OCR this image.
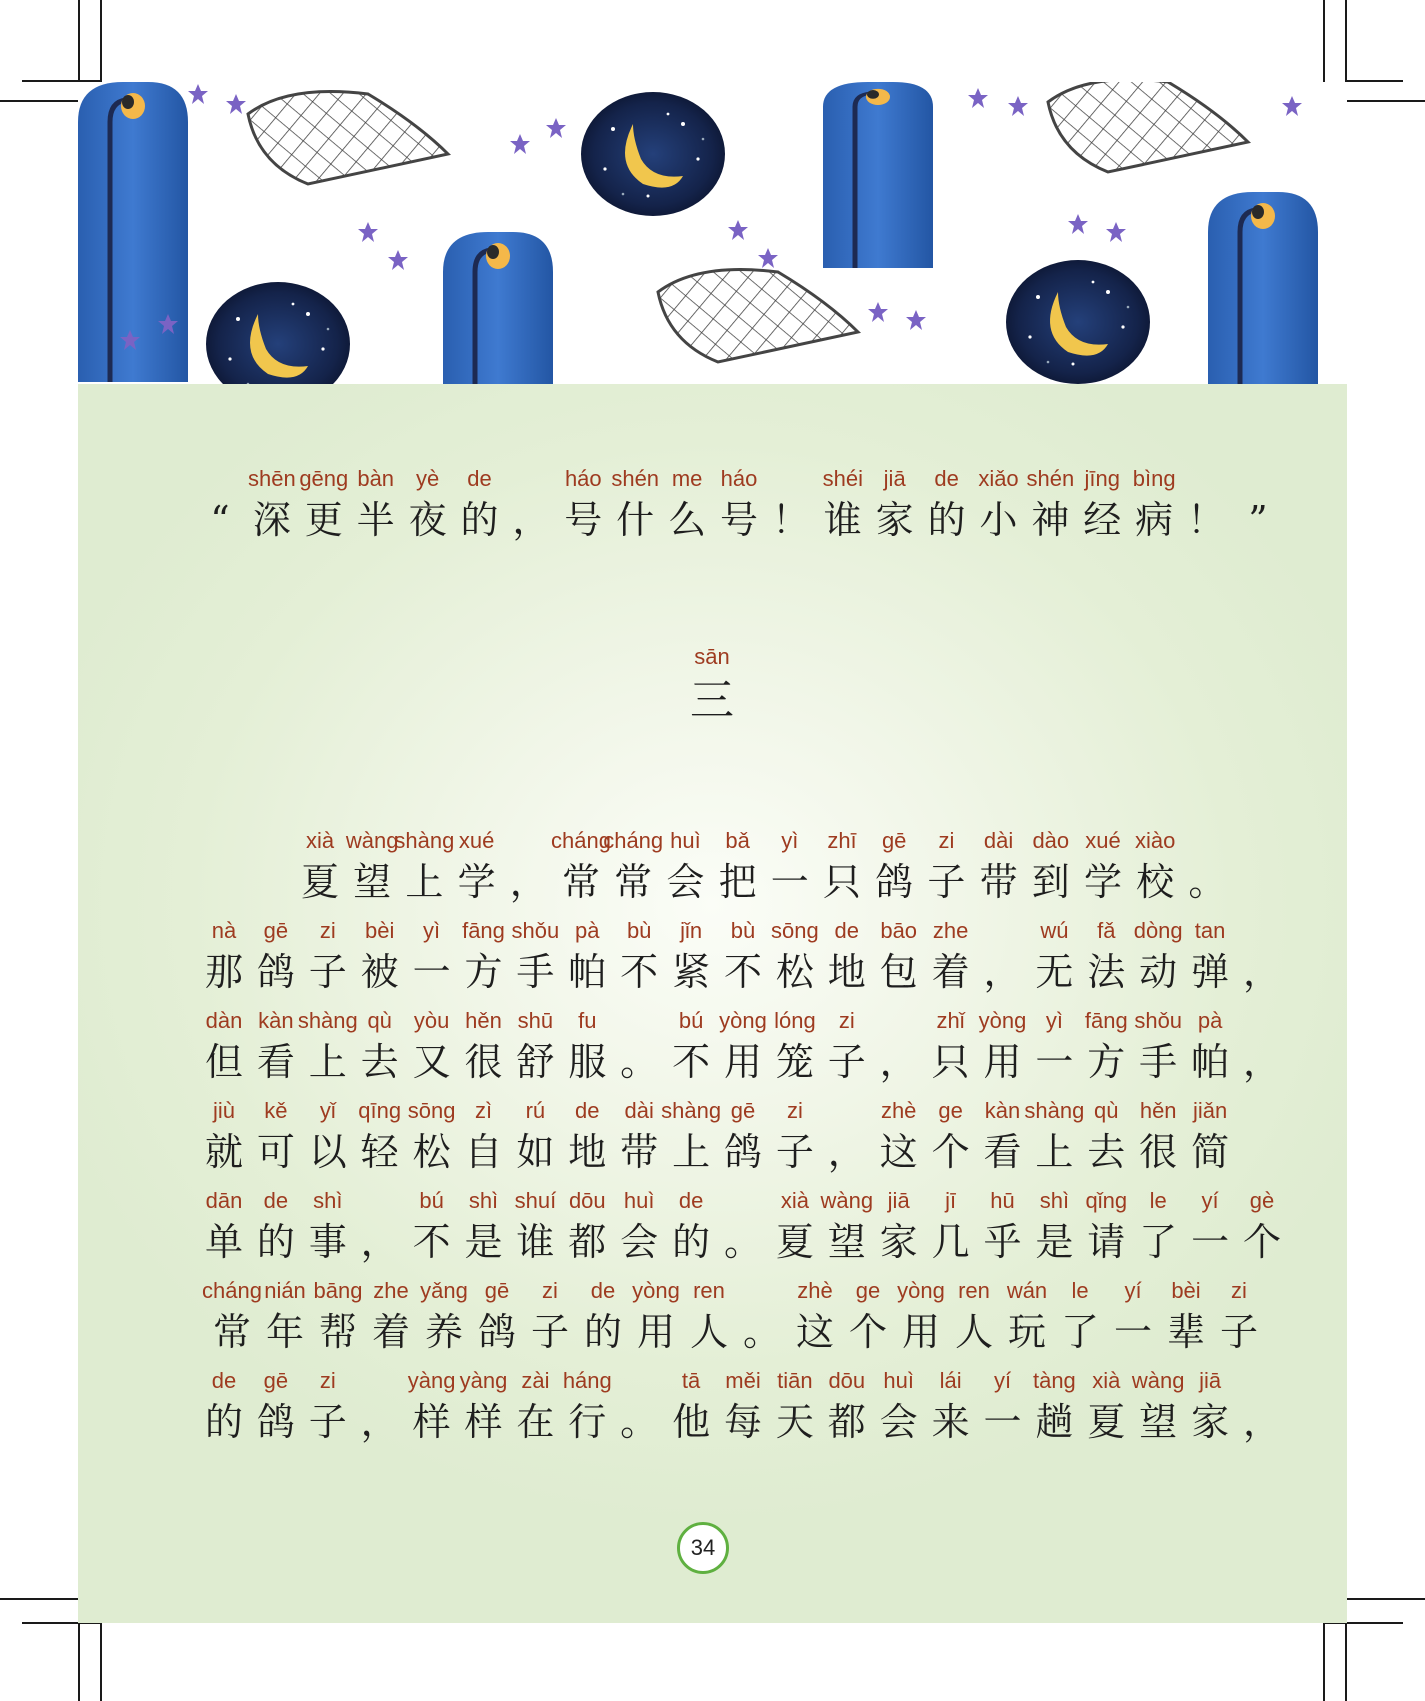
“
shēn
深
gēng
更
bàn
半
yè
夜
de
的 ，
háo
号
shén
什
me
么
háo
号 ！
shéi
谁
jiā
家
de
的
xiǎo
小
shén
神
jīng
经
bìng
病 ！ ”
xià
夏
wàng
望
shàng
上
xué
学 ，
cháng
常
cháng
常
huì
会
bǎ
把
yì
一
zhī
只
gē
鸽
zi
子
dài
带
dào
到
xué
学
xiào
校 。
nà
那
gē
鸽
zi
子
bèi
被
yì
一
fāng
方
shǒu
手
pà
帕
bù
不
jǐn
紧
bù
不
sōng
松
de
地
bāo
包
zhe
着 ，
wú
无
fǎ
法
dòng
动
tan
弹 ，
dàn
但
kàn
看
shàng
上
qù
去
yòu
又
hěn
很
shū
舒
fu
服 。
bú
不
yòng
用
lóng
笼
zi
子 ，
zhǐ
只
yòng
用
yì
一
fāng
方
shǒu
手
pà
帕 ，
jiù
就
kě
可
yǐ
以
qīng
轻
sōng
松
zì
自
rú
如
de
地
dài
带
shàng
上
gē
鸽
zi
子 ，
zhè
这
ge
个
kàn
看
shàng
上
qù
去
hěn
很
jiǎn
简
dān
单
de
的
shì
事 ，
bú
不
shì
是
shuí
谁
dōu
都
huì
会
de
的 。
xià
夏
wàng
望
jiā
家
jī
几
hū
乎
shì
是
qǐng
请
le
了
yí
一
gè
个
cháng
常
nián
年
bāng
帮
zhe
着
yǎng
养
gē
鸽
zi
子
de
的
yòng
用
ren
人 。
zhè
这
ge
个
yòng
用
ren
人
wán
玩
le
了
yí
一
bèi
辈
zi
子
de
的
gē
鸽
zi
子 ，
yàng
样
yàng
样
zài
在
háng
行 。
tā
他
měi
每
tiān
天
dōu
都
huì
会
lái
来
yí
一
tàng
趟
xià
夏
wàng
望
jiā
家 ，
sān
三
34
